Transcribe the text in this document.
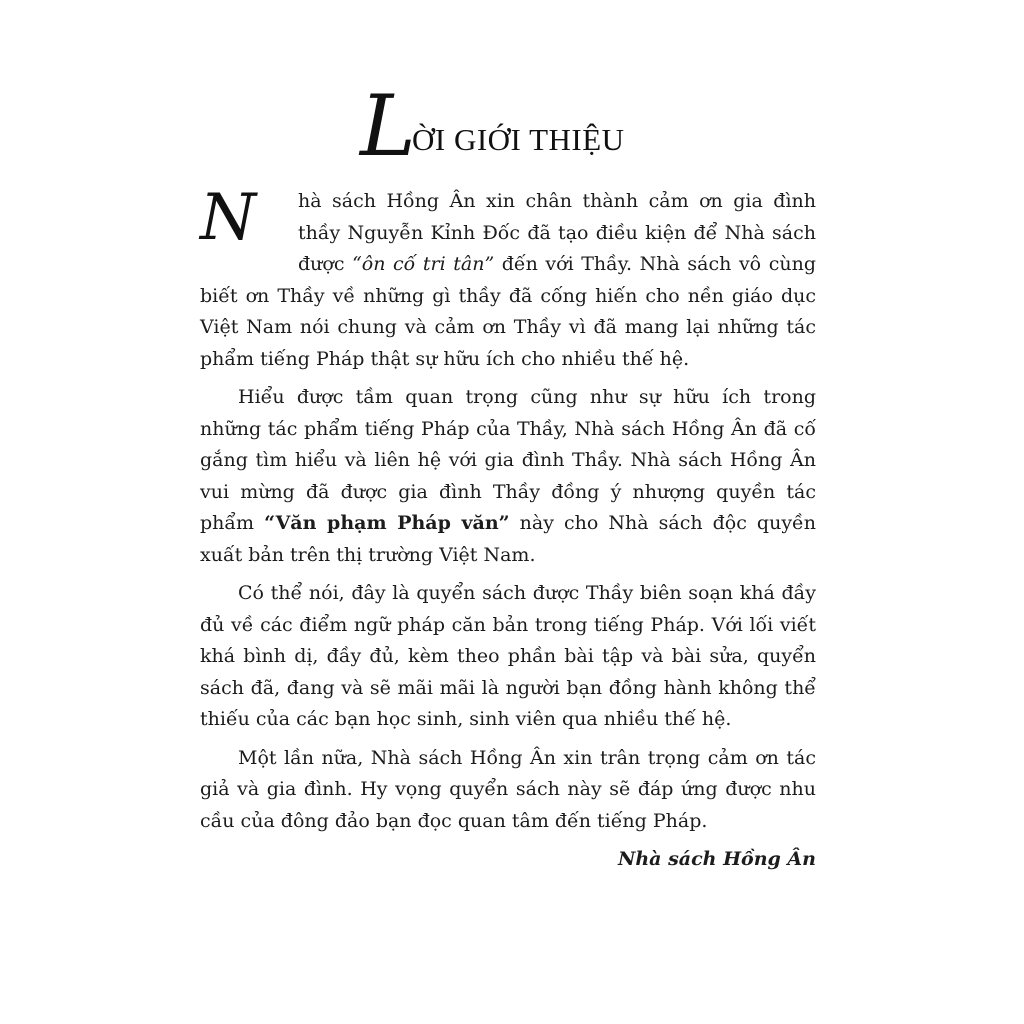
L
ỜI GIỚI THIỆU

N	hà sách Hồng Ân xin chân thành cảm ơn gia đình thầy Nguyễn Kỉnh Đốc đã tạo điều kiện để Nhà sách được “ôn cố tri tân” đến với Thầy. Nhà sách vô cùng biết ơn Thầy về những gì thầy đã cống hiến cho nền giáo dục Việt Nam nói chung và cảm ơn Thầy vì đã mang lại những tác phẩm tiếng Pháp thật sự hữu ích cho nhiều thế hệ.

Hiểu được tầm quan trọng cũng như sự hữu ích trong những tác phẩm tiếng Pháp của Thầy, Nhà sách Hồng Ân đã cố gắng tìm hiểu và liên hệ với gia đình Thầy. Nhà sách Hồng Ân vui mừng đã được gia đình Thầy đồng ý nhượng quyền tác phẩm “Văn phạm Pháp văn” này cho Nhà sách độc quyền xuất bản trên thị trường Việt Nam.

Có thể nói, đây là quyển sách được Thầy biên soạn khá đầy đủ về các điểm ngữ pháp căn bản trong tiếng Pháp. Với lối viết khá bình dị, đầy đủ, kèm theo phần bài tập và bài sửa, quyển sách đã, đang và sẽ mãi mãi là người bạn đồng hành không thể thiếu của các bạn học sinh, sinh viên qua nhiều thế hệ.

Một lần nữa, Nhà sách Hồng Ân xin trân trọng cảm ơn tác giả và gia đình. Hy vọng quyển sách này sẽ đáp ứng được nhu cầu của đông đảo bạn đọc quan tâm đến tiếng Pháp.

Nhà sách Hồng Ân
